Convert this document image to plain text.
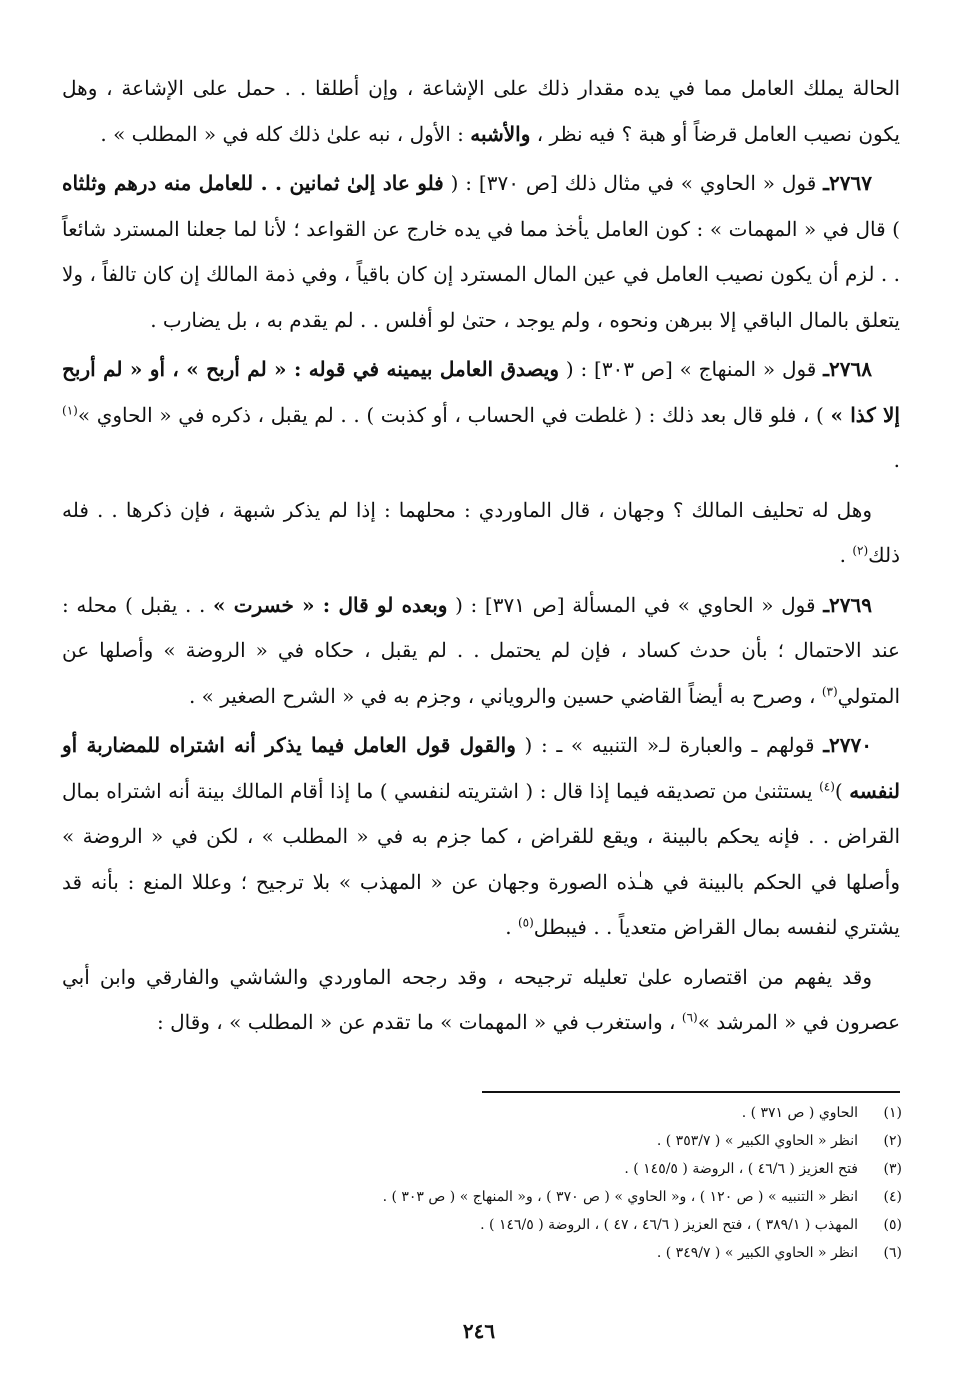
الحالة يملك العامل مما في يده مقدار ذلك على الإشاعة ، وإن أطلقا . . حمل على الإشاعة ، وهل يكون نصيب العامل قرضاً أو هبة ؟ فيه نظر ، والأشبه : الأول ، نبه علىٰ ذلك كله في « المطلب » .

٢٧٦٧ـ قول « الحاوي » في مثال ذلك [ص ٣٧٠] : ( فلو عاد إلىٰ ثمانين . . للعامل منه درهم وثلثاه ) قال في « المهمات » : كون العامل يأخذ مما في يده خارج عن القواعد ؛ لأنا لما جعلنا المسترد شائعاً . . لزم أن يكون نصيب العامل في عين المال المسترد إن كان باقياً ، وفي ذمة المالك إن كان تالفاً ، ولا يتعلق بالمال الباقي إلا ببرهن ونحوه ، ولم يوجد ، حتىٰ لو أفلس . . لم يقدم به ، بل يضارب .

٢٧٦٨ـ قول « المنهاج » [ص ٣٠٣] : ( ويصدق العامل بيمينه في قوله : « لم أربح » ، أو « لم أربح إلا كذا » ) ، فلو قال بعد ذلك : ( غلطت في الحساب ، أو كذبت ) . . لم يقبل ، ذكره في « الحاوي »$^{(١)}$ .

وهل له تحليف المالك ؟ وجهان ، قال الماوردي : محلهما : إذا لم يذكر شبهة ، فإن ذكرها . . فله ذلك$^{(٢)}$ .

٢٧٦٩ـ قول « الحاوي » في المسألة [ص ٣٧١] : ( وبعده لو قال : « خسرت » . . يقبل ) محله : عند الاحتمال ؛ بأن حدث كساد ، فإن لم يحتمل . . لم يقبل ، حكاه في « الروضة » وأصلها عن المتولي$^{(٣)}$ ، وصرح به أيضاً القاضي حسين والروياني ، وجزم به في « الشرح الصغير » .

٢٧٧٠ـ قولهم ـ والعبارة لـ« التنبيه » ـ : ( والقول قول العامل فيما يذكر أنه اشتراه للمضاربة أو لنفسه )$^{(٤)}$ يستثنىٰ من تصديقه فيما إذا قال : ( اشتريته لنفسي ) ما إذا أقام المالك بينة أنه اشتراه بمال القراض . . فإنه يحكم بالبينة ، ويقع للقراض ، كما جزم به في « المطلب » ، لكن في « الروضة » وأصلها في الحكم بالبينة في هـٰذه الصورة وجهان عن « المهذب » بلا ترجيح ؛ وعللا المنع : بأنه قد يشتري لنفسه بمال القراض متعدياً . . فيبطل$^{(٥)}$ .

وقد يفهم من اقتصاره علىٰ تعليله ترجيحه ، وقد رجحه الماوردي والشاشي والفارقي وابن أبي عصرون في « المرشد »$^{(٦)}$ ، واستغرب في « المهمات » ما تقدم عن « المطلب » ، وقال :

(١)
الحاوي ( ص ٣٧١ ) .
(٢)
انظر « الحاوي الكبير » ( ٣٥٣/٧ ) .
(٣)
فتح العزيز ( ٤٦/٦ ) ، الروضة ( ١٤٥/٥ ) .
(٤)
انظر « التنبيه » ( ص ١٢٠ ) ، و« الحاوي » ( ص ٣٧٠ ) ، و« المنهاج » ( ص ٣٠٣ ) .
(٥)
المهذب ( ٣٨٩/١ ) ، فتح العزيز ( ٤٦/٦ ، ٤٧ ) ، الروضة ( ١٤٦/٥ ) .
(٦)
انظر « الحاوي الكبير » ( ٣٤٩/٧ ) .
٢٤٦
